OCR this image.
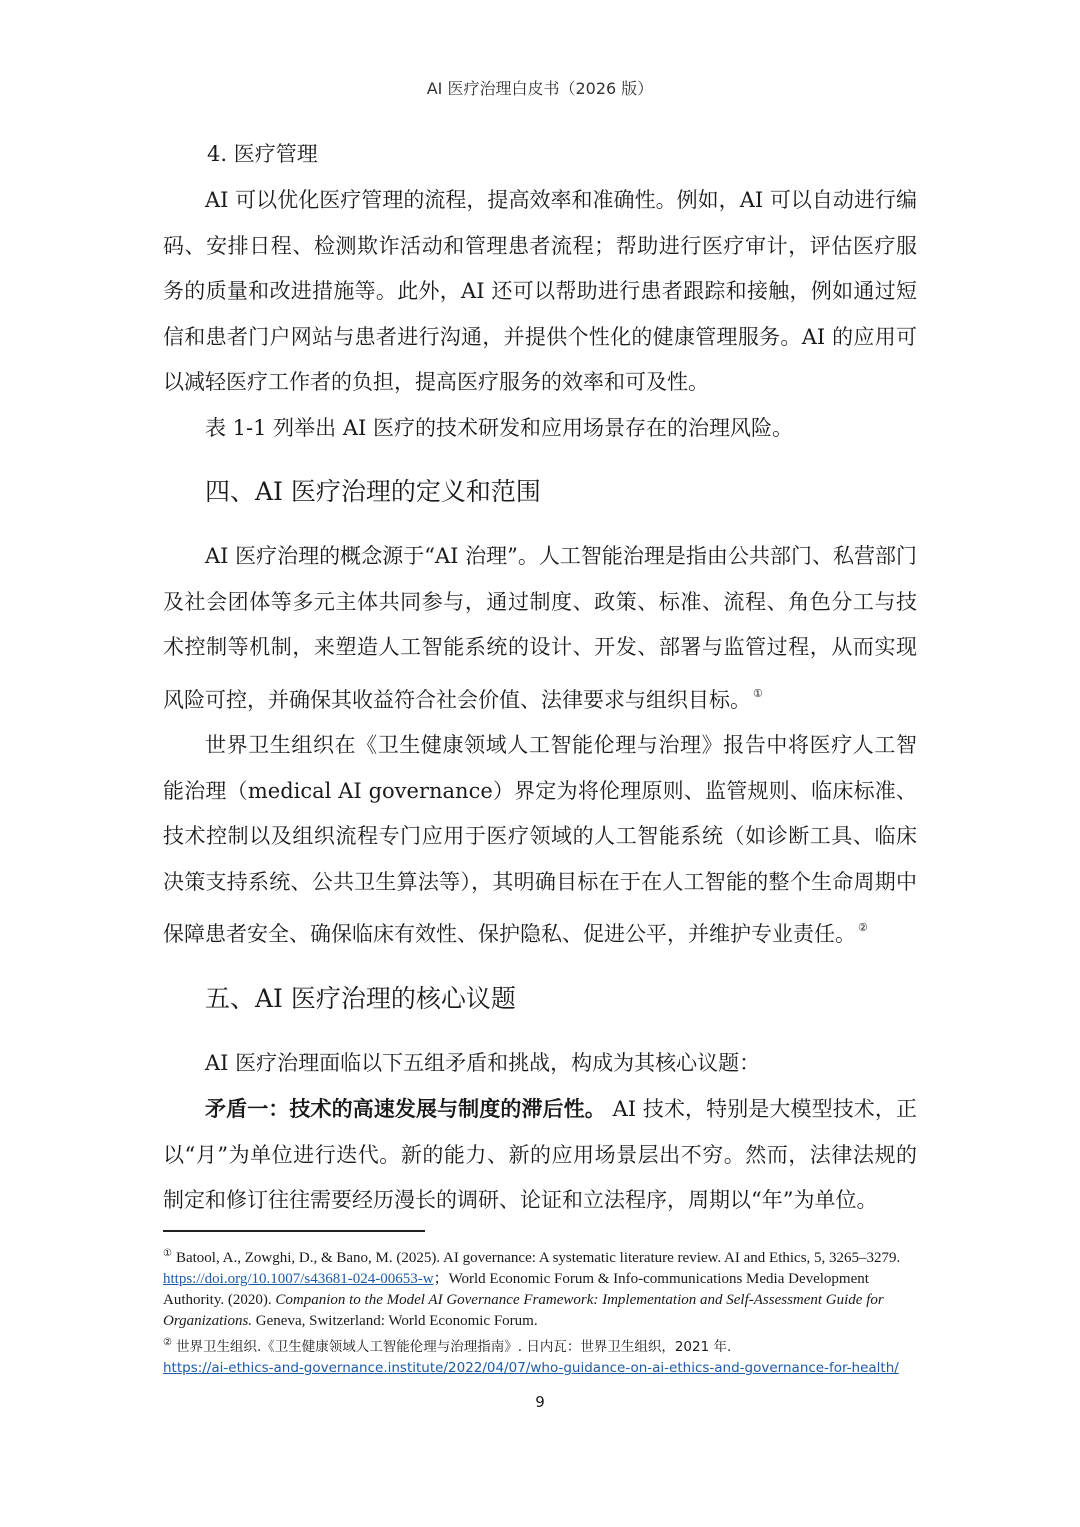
AI 医疗治理白皮书（2026 版）
4. 医疗管理

AI 可以优化医疗管理的流程，提高效率和准确性。例如，AI 可以自动进行编码、安排日程、检测欺诈活动和管理患者流程；帮助进行医疗审计，评估医疗服务的质量和改进措施等。此外，AI 还可以帮助进行患者跟踪和接触，例如通过短信和患者门户网站与患者进行沟通，并提供个性化的健康管理服务。AI 的应用可以减轻医疗工作者的负担，提高医疗服务的效率和可及性。

表 1-1 列举出 AI 医疗的技术研发和应用场景存在的治理风险。

四、AI 医疗治理的定义和范围

AI 医疗治理的概念源于“AI 治理”。人工智能治理是指由公共部门、私营部门及社会团体等多元主体共同参与，通过制度、政策、标准、流程、角色分工与技术控制等机制，来塑造人工智能系统的设计、开发、部署与监管过程，从而实现风险可控，并确保其收益符合社会价值、法律要求与组织目标。 ①

世界卫生组织在《卫生健康领域人工智能伦理与治理》报告中将医疗人工智能治理（medical AI governance）界定为将伦理原则、监管规则、临床标准、技术控制以及组织流程专门应用于医疗领域的人工智能系统（如诊断工具、临床决策支持系统、公共卫生算法等），其明确目标在于在人工智能的整个生命周期中保障患者安全、确保临床有效性、保护隐私、促进公平，并维护专业责任。 ②

五、AI 医疗治理的核心议题

AI 医疗治理面临以下五组矛盾和挑战，构成为其核心议题：

矛盾一：技术的高速发展与制度的滞后性。 AI 技术，特别是大模型技术，正以“月”为单位进行迭代。新的能力、新的应用场景层出不穷。然而，法律法规的制定和修订往往需要经历漫长的调研、论证和立法程序，周期以“年”为单位。

① Batool, A., Zowghi, D., & Bano, M. (2025). AI governance: A systematic literature review. AI and Ethics, 5, 3265–3279. https://doi.org/10.1007/s43681-024-00653-w；World Economic Forum & Info-communications Media Development Authority. (2020). Companion to the Model AI Governance Framework: Implementation and Self-Assessment Guide for Organizations. Geneva, Switzerland: World Economic Forum.

② 世界卫生组织.《卫生健康领域人工智能伦理与治理指南》. 日内瓦：世界卫生组织，2021 年.

https://ai-ethics-and-governance.institute/2022/04/07/who-guidance-on-ai-ethics-and-governance-for-health/

9
